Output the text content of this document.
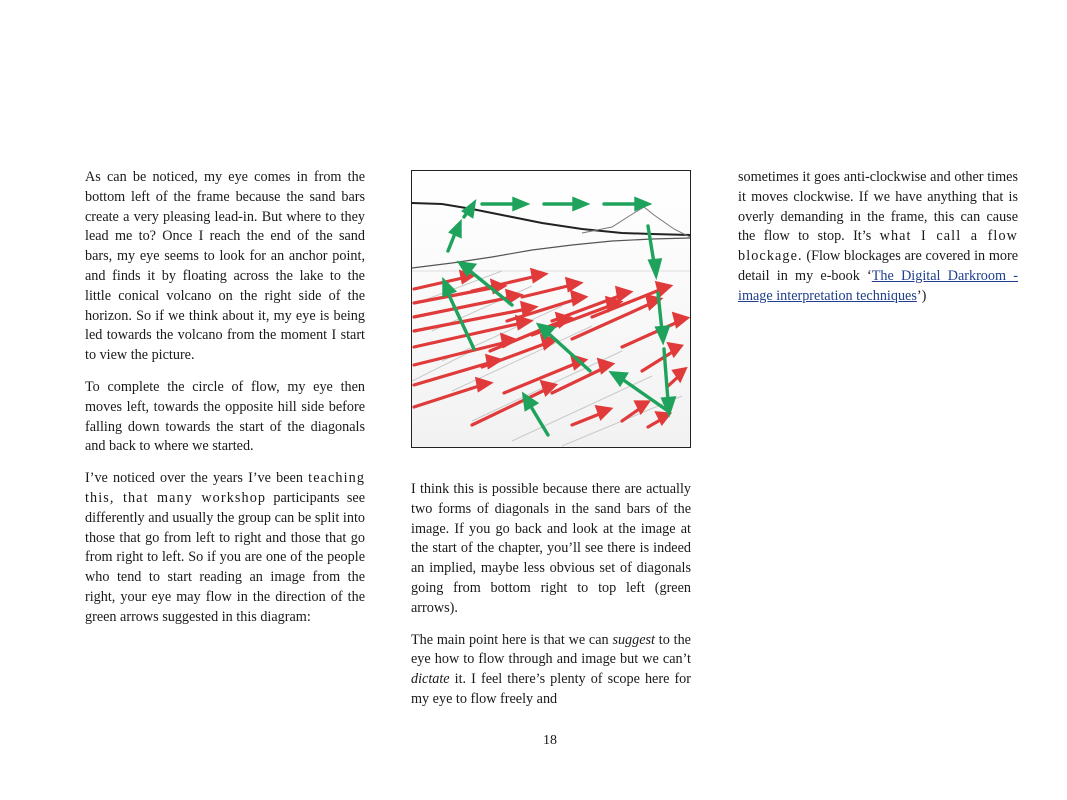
As can be noticed, my eye comes in from the bottom left of the frame because the sand bars create a very pleasing lead-in. But where to they lead me to? Once I reach the end of the sand bars, my eye seems to look for an anchor point, and finds it by floating across the lake to the little conical volcano on the right side of the horizon. So if we think about it, my eye is being led towards the volcano from the moment I start to view the picture.

To complete the circle of flow, my eye then moves left, towards the opposite hill side before falling down towards the start of the diagonals and back to where we started.

I’ve noticed over the years I’ve been teaching this, that many workshop participants see differently and usually the group can be split into those that go from left to right and those that go from right to left. So if you are one of the people who tend to start reading an image from the right, your eye may flow in the direction of the green arrows suggested in this diagram:

I think this is possible because there are actually two forms of diagonals in the sand bars of the image. If you go back and look at the image at the start of the chapter, you’ll see there is indeed an implied, maybe less obvious set of diagonals going from bottom right to top left (green arrows).

The main point here is that we can suggest to the eye how to flow through and image but we can’t dictate it. I feel there’s plenty of scope here for my eye to flow freely and

sometimes it goes anti-clockwise and other times it moves clockwise. If we have anything that is overly demanding in the frame, this can cause the flow to stop. It’s what I call a flow blockage. (Flow blockages are covered in more detail in my e-book ‘The Digital Darkroom - image interpretation techniques’)

18
